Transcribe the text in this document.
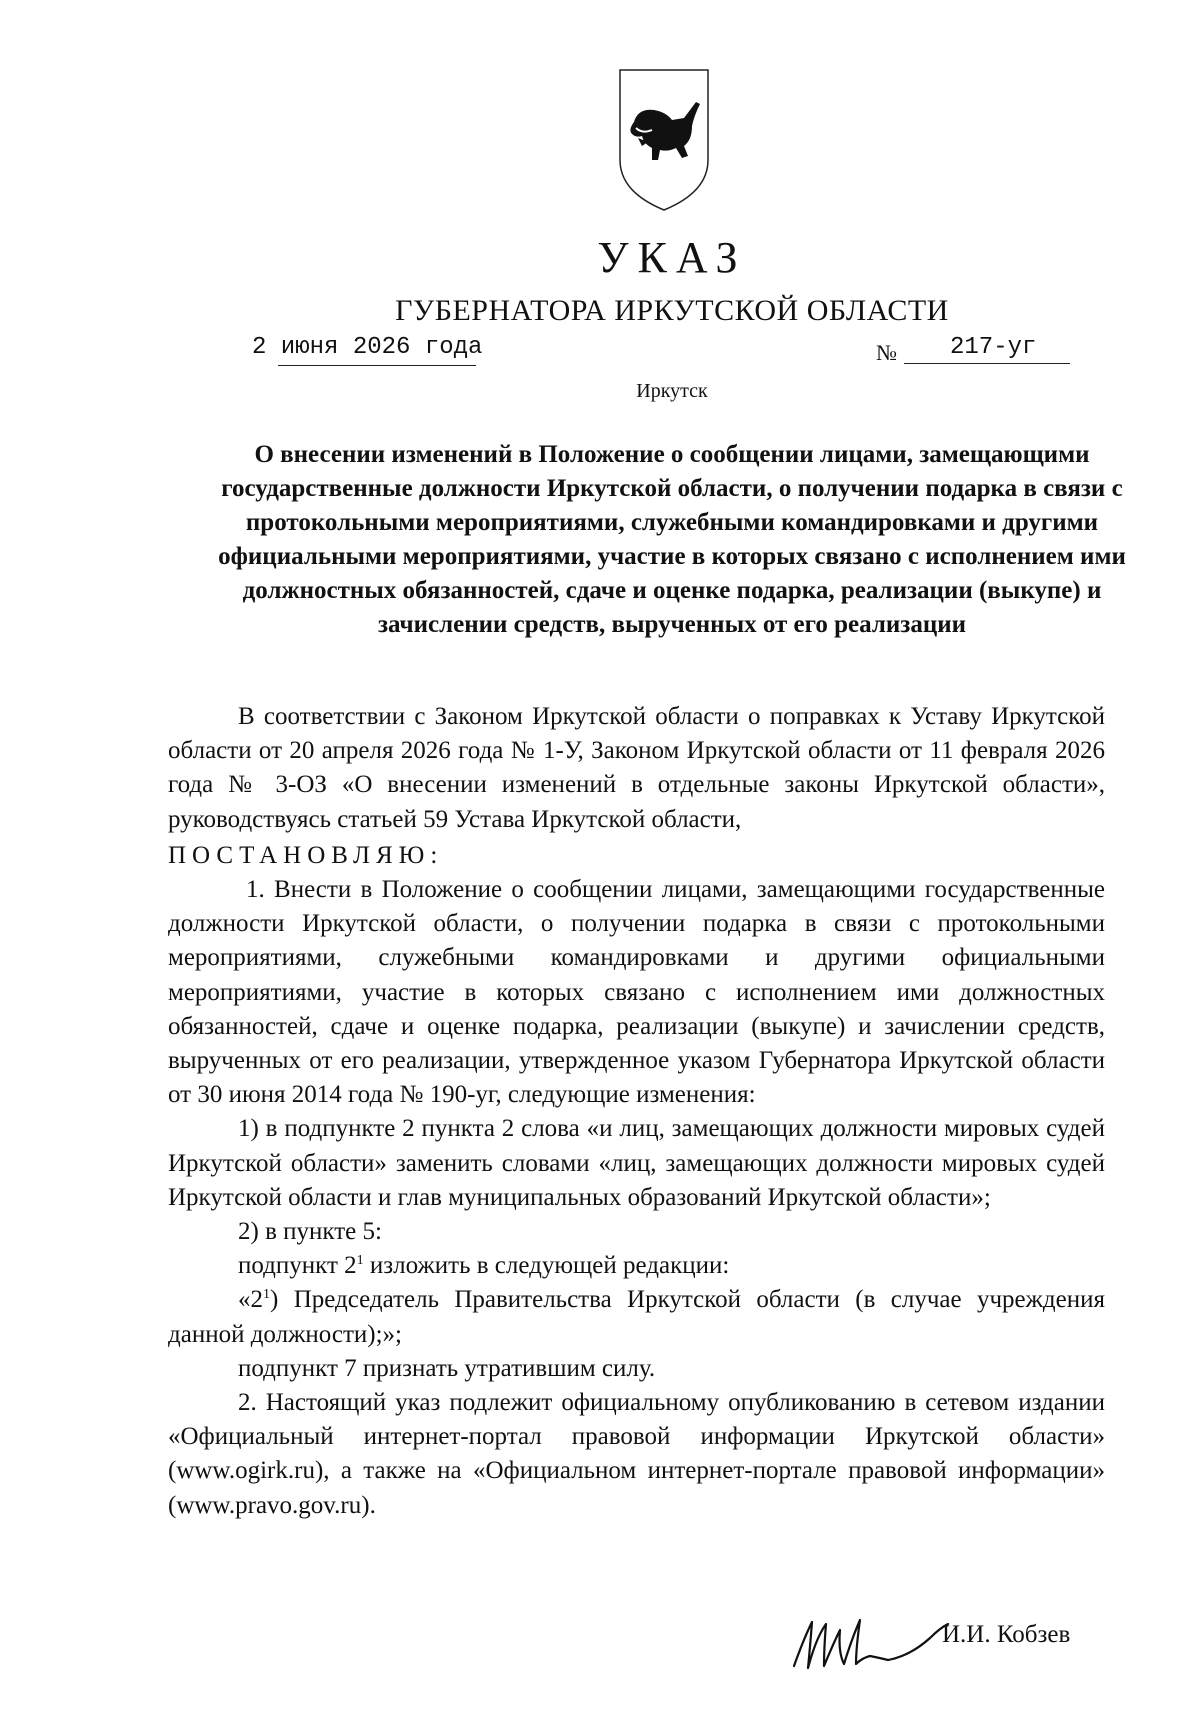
УКАЗ
ГУБЕРНАТОРА ИРКУТСКОЙ ОБЛАСТИ
2 июня 2026 года	№ 217-уг
Иркутск
О внесении изменений в Положение о сообщении лицами, замещающими государственные должности Иркутской области, о получении подарка в связи с протокольными мероприятиями, служебными командировками и другими официальными мероприятиями, участие в которых связано с исполнением ими должностных обязанностей, сдаче и оценке подарка, реализации (выкупе) и зачислении средств, вырученных от его реализации

В соответствии с Законом Иркутской области о поправках к Уставу Иркутской области от 20 апреля 2026 года № 1-У, Законом Иркутской области от 11 февраля 2026 года № 3-ОЗ «О внесении изменений в отдельные законы Иркутской области», руководствуясь статьей 59 Устава Иркутской области,

ПОСТАНОВЛЯЮ:

1. Внести в Положение о сообщении лицами, замещающими государственные должности Иркутской области, о получении подарка в связи с протокольными мероприятиями, служебными командировками и другими официальными мероприятиями, участие в которых связано с исполнением ими должностных обязанностей, сдаче и оценке подарка, реализации (выкупе) и зачислении средств, вырученных от его реализации, утвержденное указом Губернатора Иркутской области от 30 июня 2014 года № 190-уг, следующие изменения:

1) в подпункте 2 пункта 2 слова «и лиц, замещающих должности мировых судей Иркутской области» заменить словами «лиц, замещающих должности мировых судей Иркутской области и глав муниципальных образований Иркутской области»;

2) в пункте 5:

подпункт $2^1$ изложить в следующей редакции:

«$2^1$) Председатель Правительства Иркутской области (в случае учреждения данной должности);»;

подпункт 7 признать утратившим силу.

2. Настоящий указ подлежит официальному опубликованию в сетевом издании «Официальный интернет-портал правовой информации Иркутской области» (www.ogirk.ru), а также на «Официальном интернет-портале правовой информации» (www.pravo.gov.ru).

И.И. Кобзев
